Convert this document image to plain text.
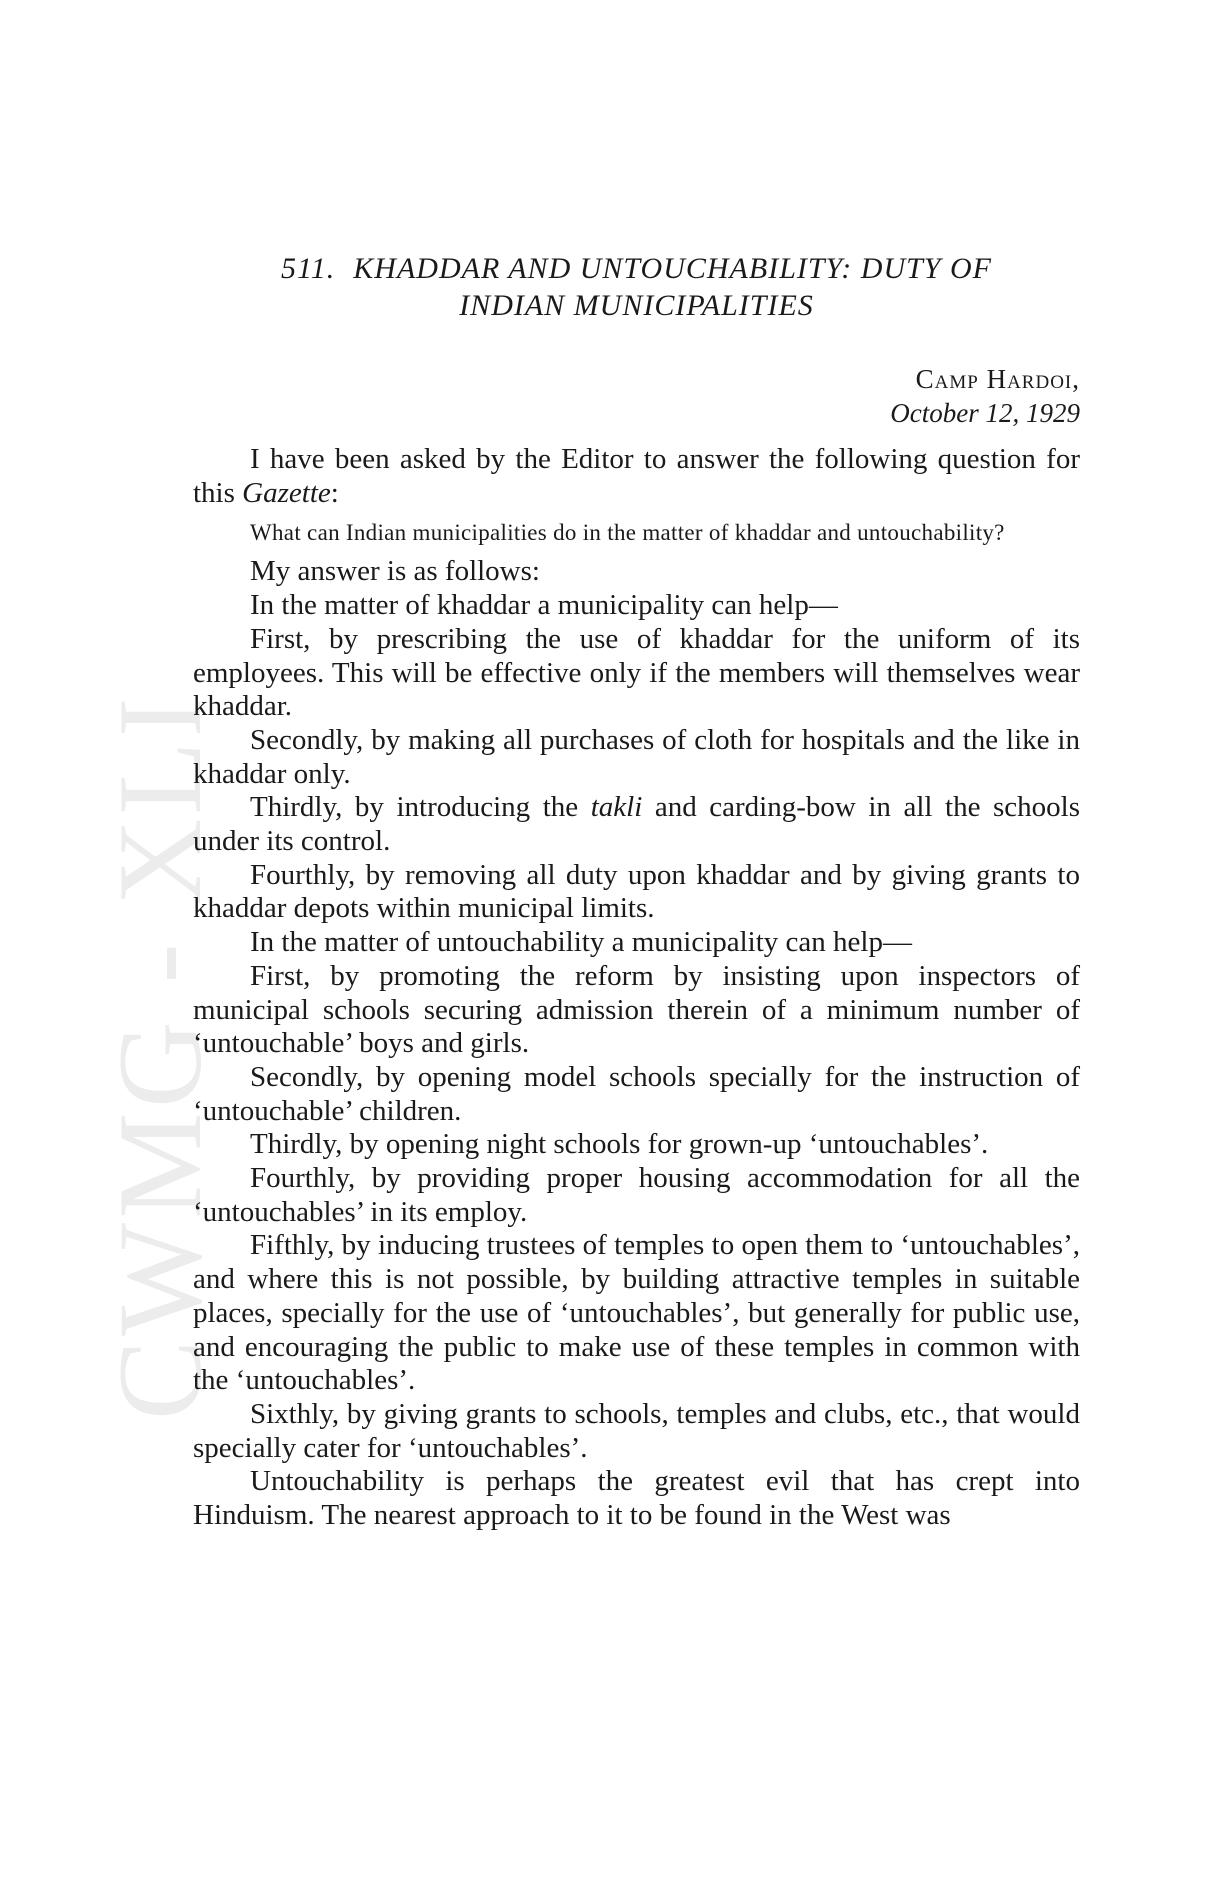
CWMG - XLI
511. KHADDAR AND UNTOUCHABILITY: DUTY OF
INDIAN MUNICIPALITIES
Camp Hardoi,
October 12, 1929

I have been asked by the Editor to answer the following question for this Gazette:

What can Indian municipalities do in the matter of khaddar and untouchability?

My answer is as follows:

In the matter of khaddar a municipality can help—

First, by prescribing the use of khaddar for the uniform of its employees. This will be effective only if the members will themselves wear khaddar.

Secondly, by making all purchases of cloth for hospitals and the like in khaddar only.

Thirdly, by introducing the takli and carding-bow in all the schools under its control.

Fourthly, by removing all duty upon khaddar and by giving grants to khaddar depots within municipal limits.

In the matter of untouchability a municipality can help—

First, by promoting the reform by insisting upon inspectors of municipal schools securing admission therein of a minimum number of ‘untouchable’ boys and girls.

Secondly, by opening model schools specially for the instruction of ‘untouchable’ children.

Thirdly, by opening night schools for grown-up ‘untouchables’.

Fourthly, by providing proper housing accommodation for all the ‘untouchables’ in its employ.

Fifthly, by inducing trustees of temples to open them to ‘untouchables’, and where this is not possible, by building attractive temples in suitable places, specially for the use of ‘untouchables’, but generally for public use, and encouraging the public to make use of these temples in common with the ‘untouchables’.

Sixthly, by giving grants to schools, temples and clubs, etc., that would specially cater for ‘untouchables’.

Untouchability is perhaps the greatest evil that has crept into Hinduism. The nearest approach to it to be found in the West was
